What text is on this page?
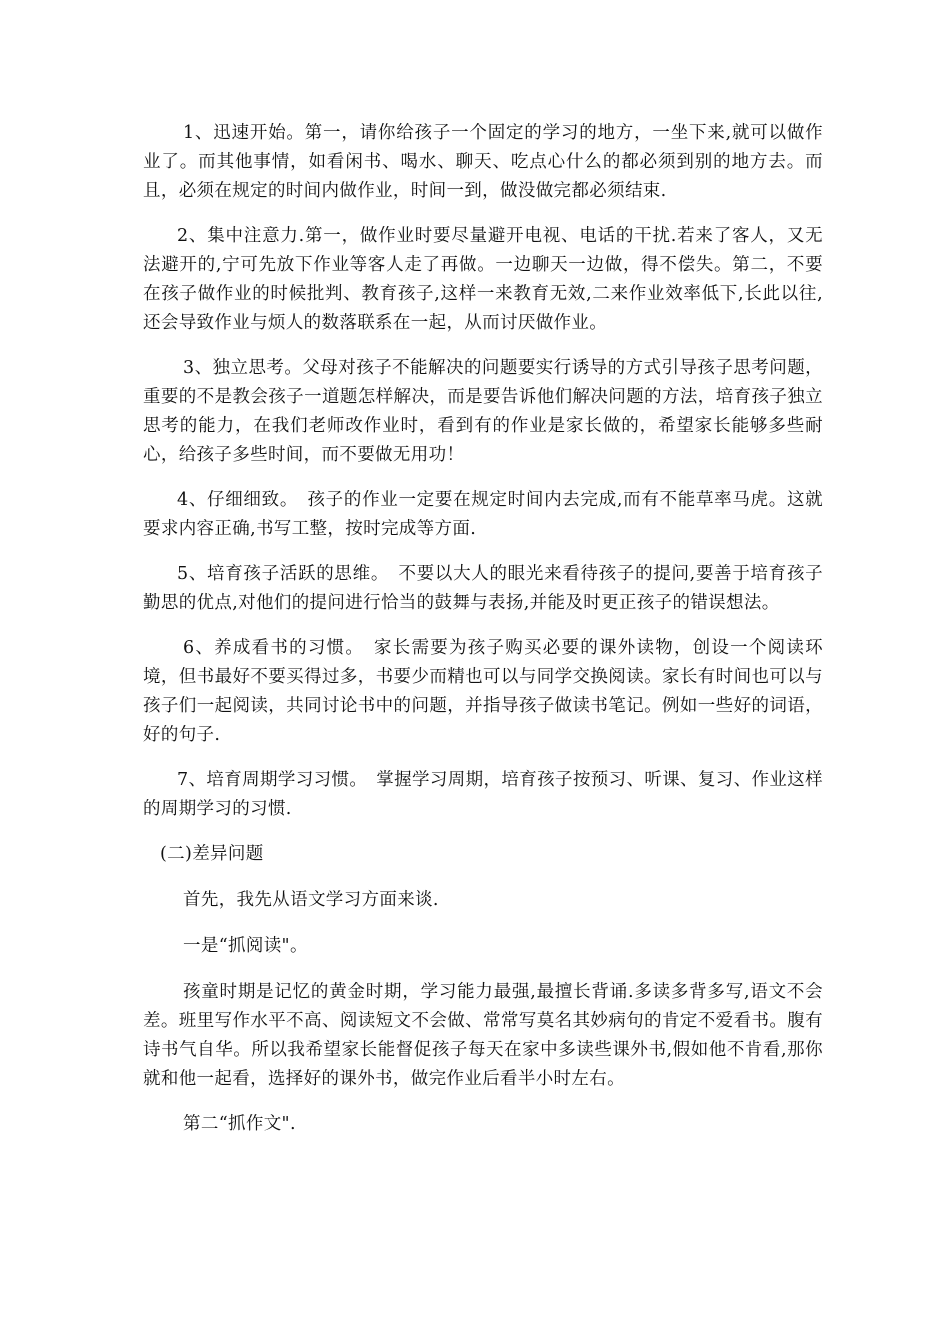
1、迅速开始。第一，请你给孩子一个固定的学习的地方，一坐下来,就可以做作业了。而其他事情，如看闲书、喝水、聊天、吃点心什么的都必须到别的地方去。而且，必须在规定的时间内做作业，时间一到，做没做完都必须结束.

2、集中注意力.第一，做作业时要尽量避开电视、电话的干扰.若来了客人，又无法避开的,宁可先放下作业等客人走了再做。一边聊天一边做，得不偿失。第二，不要在孩子做作业的时候批判、教育孩子,这样一来教育无效,二来作业效率低下,长此以往,还会导致作业与烦人的数落联系在一起，从而讨厌做作业。

3、独立思考。父母对孩子不能解决的问题要实行诱导的方式引导孩子思考问题，重要的不是教会孩子一道题怎样解决，而是要告诉他们解决问题的方法，培育孩子独立思考的能力，在我们老师改作业时，看到有的作业是家长做的，希望家长能够多些耐心，给孩子多些时间，而不要做无用功！

4、仔细细致。　孩子的作业一定要在规定时间内去完成,而有不能草率马虎。这就要求内容正确,书写工整，按时完成等方面.

5、培育孩子活跃的思维。　不要以大人的眼光来看待孩子的提问,要善于培育孩子勤思的优点,对他们的提问进行恰当的鼓舞与表扬,并能及时更正孩子的错误想法。

6、养成看书的习惯。　家长需要为孩子购买必要的课外读物，创设一个阅读环境，但书最好不要买得过多，书要少而精也可以与同学交换阅读。家长有时间也可以与孩子们一起阅读，共同讨论书中的问题，并指导孩子做读书笔记。例如一些好的词语，好的句子.

7、培育周期学习习惯。　掌握学习周期，培育孩子按预习、听课、复习、作业这样的周期学习的习惯.

(二)差异问题

首先，我先从语文学习方面来谈.

一是“抓阅读"。

孩童时期是记忆的黄金时期，学习能力最强,最擅长背诵.多读多背多写,语文不会差。班里写作水平不高、阅读短文不会做、常常写莫名其妙病句的肯定不爱看书。腹有诗书气自华。所以我希望家长能督促孩子每天在家中多读些课外书,假如他不肯看,那你就和他一起看，选择好的课外书，做完作业后看半小时左右。

第二“抓作文".
